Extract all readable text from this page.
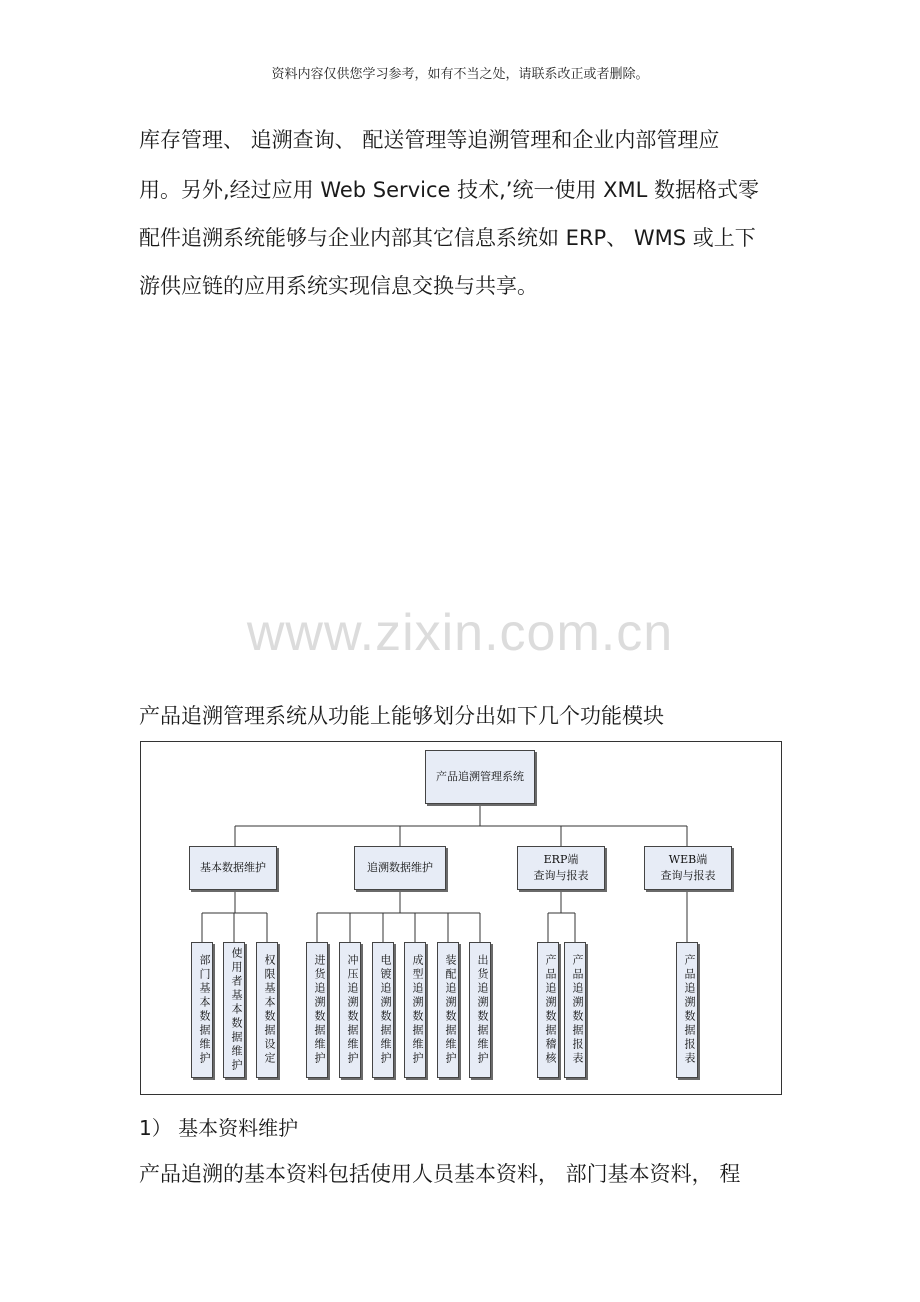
资料内容仅供您学习参考，如有不当之处，请联系改正或者删除。
库存管理、 追溯查询、 配送管理等追溯管理和企业内部管理应
用。另外,经过应用 Web Service 技术,’统一使用 XML 数据格式零
配件追溯系统能够与企业内部其它信息系统如 ERP、 WMS 或上下
游供应链的应用系统实现信息交换与共享。
www.zixin.com.cn
产品追溯管理系统从功能上能够划分出如下几个功能模块
产品追溯管理系统
基本数据维护	追溯数据维护
ERP端
查询与报表
WEB端
查询与报表
部门基本数据维护	使用者基本数据维护	权限基本数据设定	进货追溯数据维护	冲压追溯数据维护	电镀追溯数据维护	成型追溯数据维护	装配追溯数据维护	出货追溯数据维护	产品追溯数据稽核	产品追溯数据报表	产品追溯数据报表
1） 基本资料维护
产品追溯的基本资料包括使用人员基本资料， 部门基本资料， 程
